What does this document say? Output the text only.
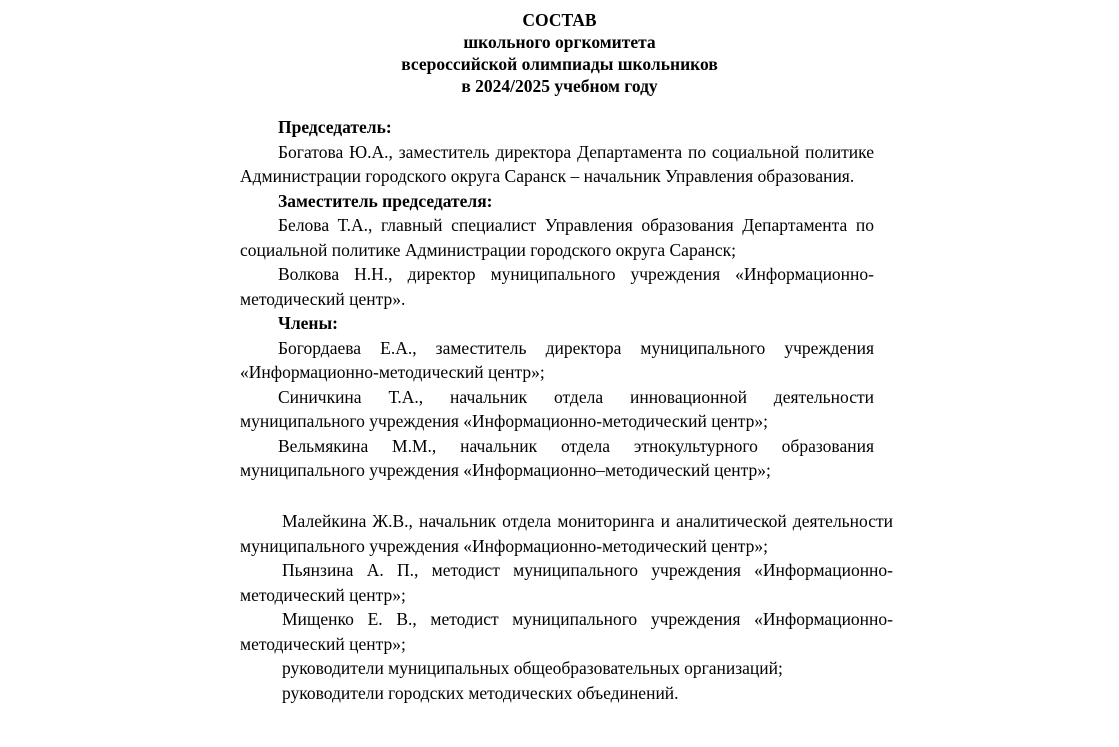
СОСТАВ
школьного оргкомитета
всероссийской олимпиады школьников
в 2024/2025 учебном году

Председатель:

Богатова Ю.А., заместитель директора Департамента по социальной политике Администрации городского округа Саранск – начальник Управления образования.

Заместитель председателя:

Белова Т.А., главный специалист Управления образования Департамента по социальной политике Администрации городского округа Саранск;

Волкова Н.Н., директор муниципального учреждения «Информационно-методический центр».

Члены:

Богордаева Е.А., заместитель директора муниципального учреждения «Информационно-методический центр»;

Синичкина Т.А., начальник отдела инновационной деятельности муниципального учреждения «Информационно-методический центр»;

Вельмякина М.М., начальник отдела этнокультурного образования муниципального учреждения «Информационно–методический центр»;

Малейкина Ж.В., начальник отдела мониторинга и аналитической деятельности муниципального учреждения «Информационно-методический центр»;

Пьянзина А. П., методист муниципального учреждения «Информационно-методический центр»;

Мищенко Е. В., методист муниципального учреждения «Информационно-методический центр»;

руководители муниципальных общеобразовательных организаций;

руководители городских методических объединений.
